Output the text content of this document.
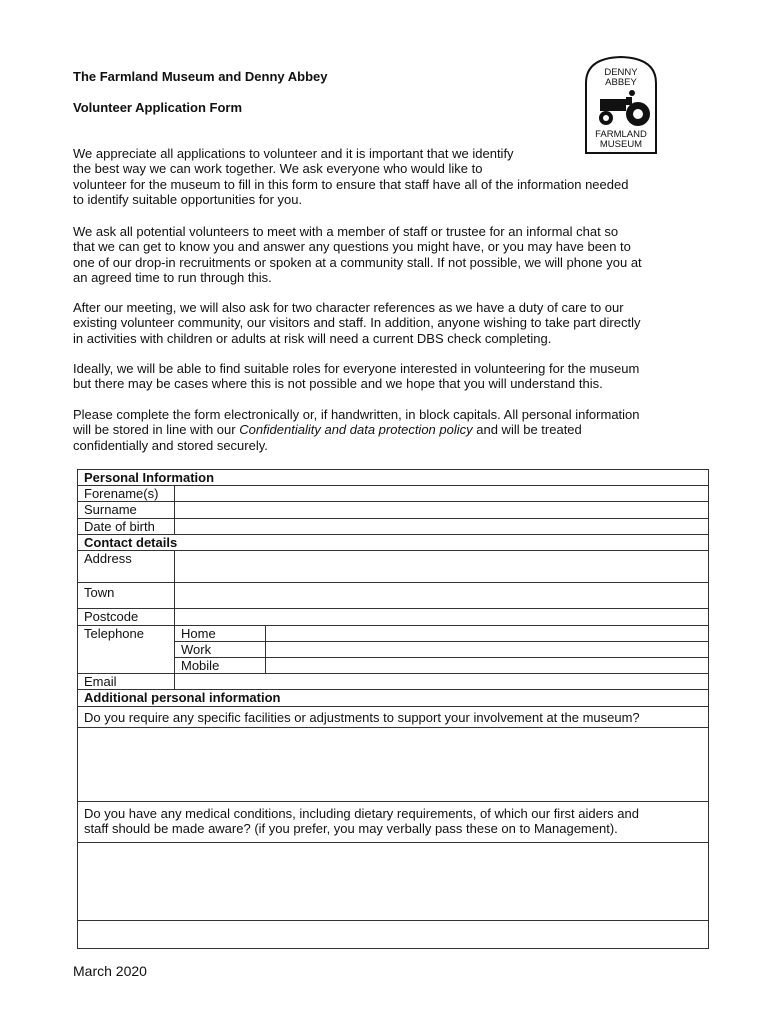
The Farmland Museum and Denny Abbey
Volunteer Application Form
DENNY
ABBEY
FARMLAND
MUSEUM
We appreciate all applications to volunteer and it is important that we identify
the best way we can work together. We ask everyone who would like to
volunteer for the museum to fill in this form to ensure that staff have all of the information needed
to identify suitable opportunities for you.
We ask all potential volunteers to meet with a member of staff or trustee for an informal chat so
that we can get to know you and answer any questions you might have, or you may have been to
one of our drop-in recruitments or spoken at a community stall. If not possible, we will phone you at
an agreed time to run through this.
After our meeting, we will also ask for two character references as we have a duty of care to our
existing volunteer community, our visitors and staff. In addition, anyone wishing to take part directly
in activities with children or adults at risk will need a current DBS check completing.
Ideally, we will be able to find suitable roles for everyone interested in volunteering for the museum
but there may be cases where this is not possible and we hope that you will understand this.
Please complete the form electronically or, if handwritten, in block capitals. All personal information
will be stored in line with our Confidentiality and data protection policy and will be treated
confidentially and stored securely.
Personal Information
Forename(s)
Surname
Date of birth
Contact details
Address
Town
Postcode
Telephone	Home
Work
Mobile
Email
Additional personal information
Do you require any specific facilities or adjustments to support your involvement at the museum?
Do you have any medical conditions, including dietary requirements, of which our first aiders and
staff should be made aware? (if you prefer, you may verbally pass these on to Management).
March 2020
